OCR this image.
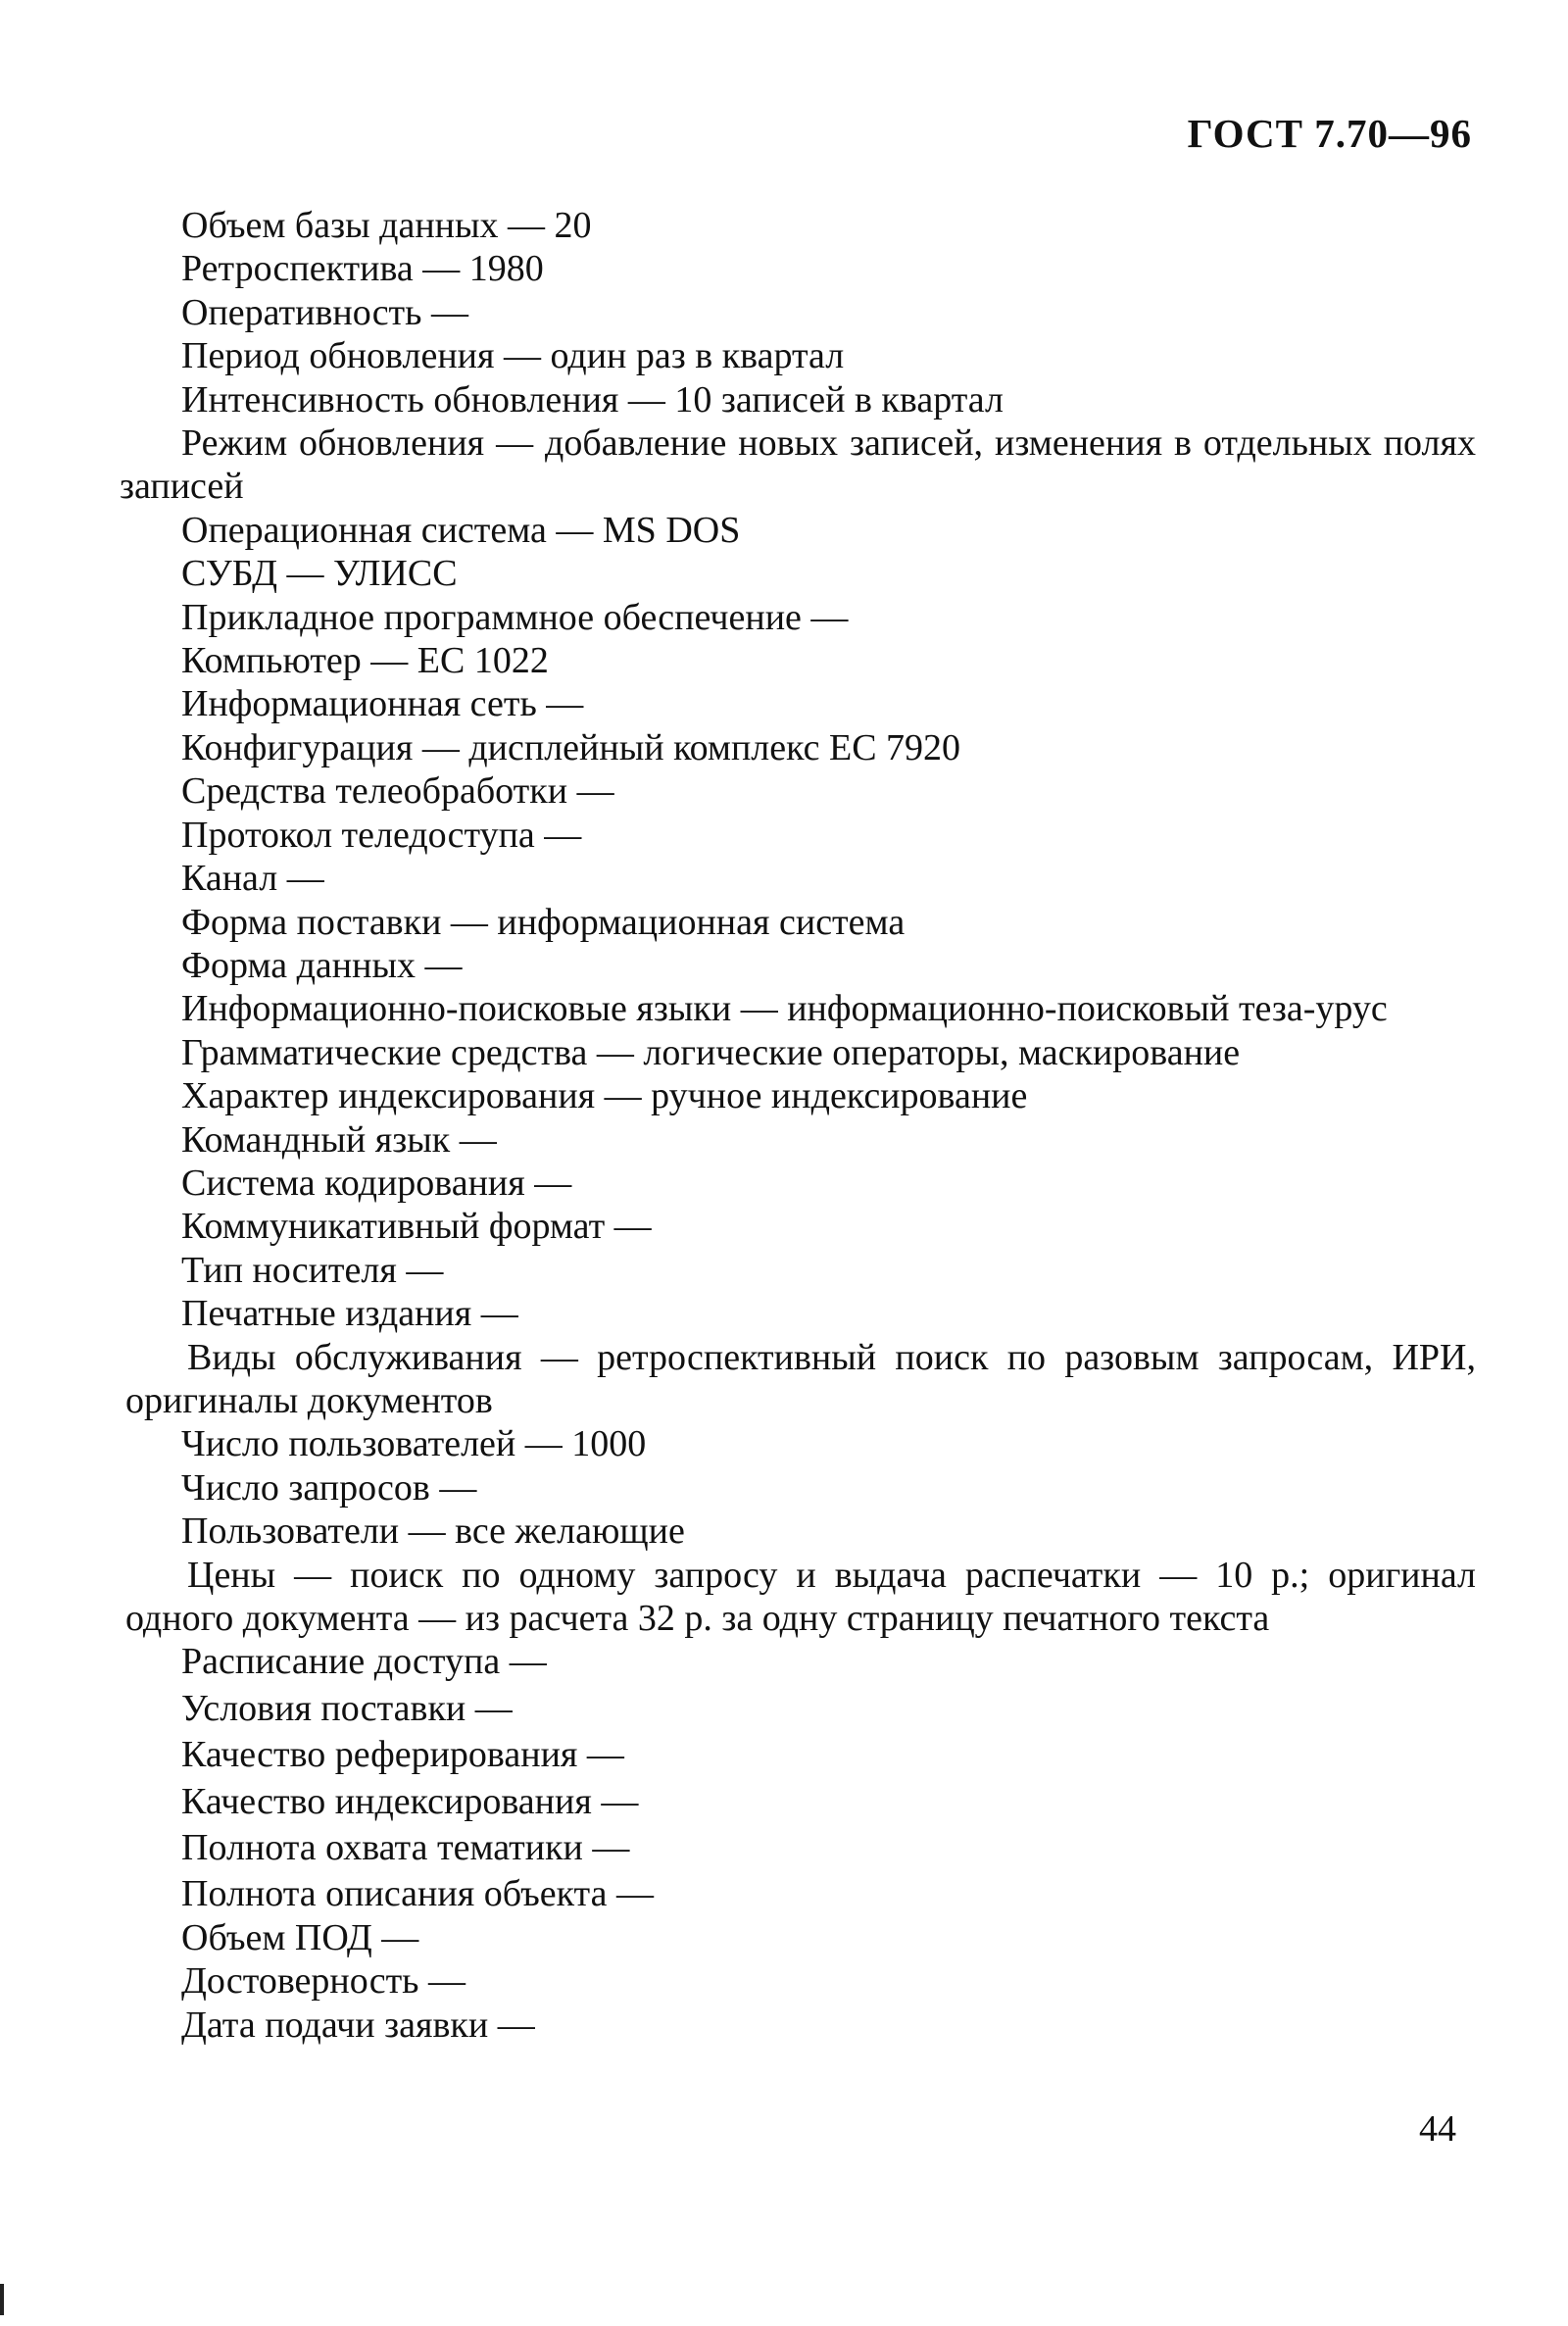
ГОСТ 7.70—96
Объем базы данных — 20
Ретроспектива — 1980
Оперативность —
Период обновления — один раз в квартал
Интенсивность обновления — 10 записей в квартал
Режим обновления — добавление новых записей, изменения в отдельных полях записей
Операционная система — MS DOS
СУБД — УЛИСС
Прикладное программное обеспечение —
Компьютер — ЕС 1022
Информационная сеть —
Конфигурация — дисплейный комплекс ЕС 7920
Средства телеобработки —
Протокол теледоступа —
Канал —
Форма поставки — информационная система
Форма данных —
Информационно-поисковые языки — информационно-поисковый теза-урус
Грамматические средства — логические операторы, маскирование
Характер индексирования — ручное индексирование
Командный язык —
Система кодирования —
Коммуникативный формат —
Тип носителя —
Печатные издания —
Виды обслуживания — ретроспективный поиск по разовым запросам, ИРИ, оригиналы документов
Число пользователей — 1000
Число запросов —
Пользователи — все желающие
Цены — поиск по одному запросу и выдача распечатки — 10 р.; оригинал одного документа — из расчета 32 р. за одну страницу печатного текста
Расписание доступа —
Условия поставки —
Качество реферирования —
Качество индексирования —
Полнота охвата тематики —
Полнота описания объекта —
Объем ПОД —
Достоверность —
Дата подачи заявки —
44
